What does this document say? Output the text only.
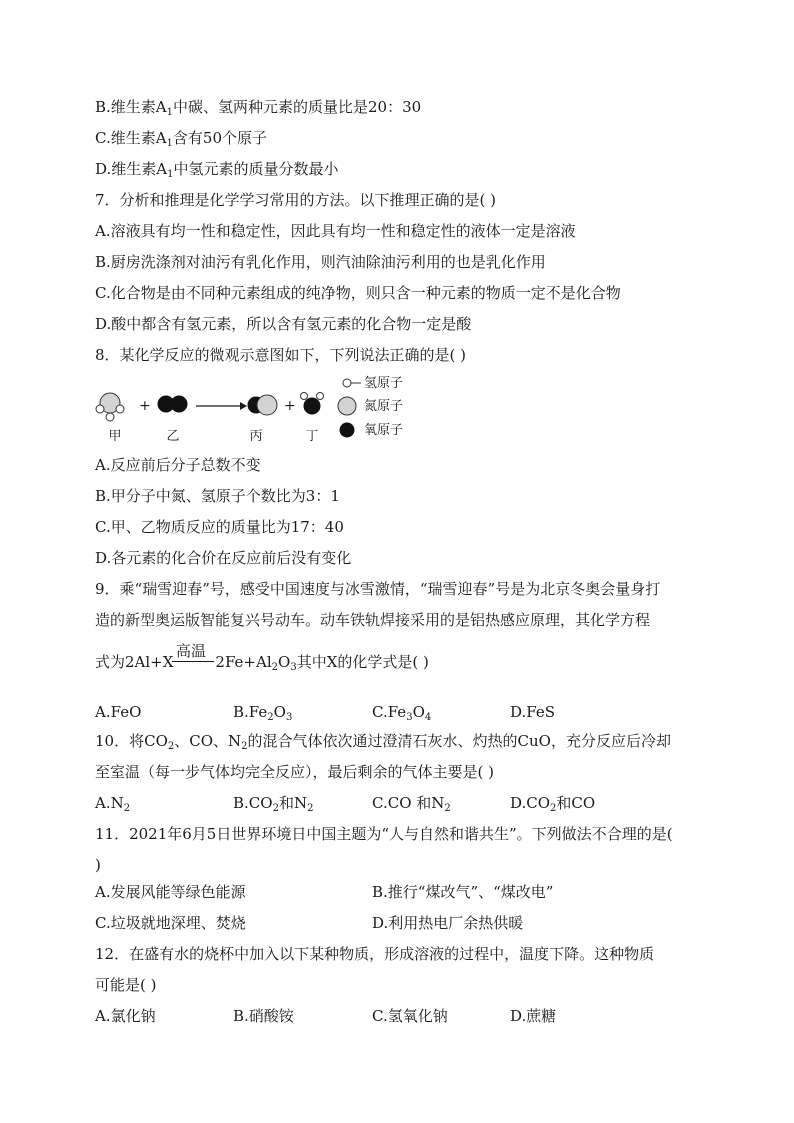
B.维生素$A_1$中碳、氢两种元素的质量比是20：30
C.维生素$A_1$含有50个原子
D.维生素$A_1$中氢元素的质量分数最小
7．分析和推理是化学学习常用的方法。以下推理正确的是( )
A.溶液具有均一性和稳定性，因此具有均一性和稳定性的液体一定是溶液
B.厨房洗涤剂对油污有乳化作用，则汽油除油污利用的也是乳化作用
C.化合物是由不同种元素组成的纯净物，则只含一种元素的物质一定不是化合物
D.酸中都含有氢元素，所以含有氢元素的化合物一定是酸
8．某化学反应的微观示意图如下，下列说法正确的是( )
+	+
甲	乙	丙	丁
氢原子
氮原子
氧原子
A.反应前后分子总数不变
B.甲分子中氮、氢原子个数比为3：1
C.甲、乙物质反应的质量比为17：40
D.各元素的化合价在反应前后没有变化
9．乘“瑞雪迎春”号，感受中国速度与冰雪激情，“瑞雪迎春”号是为北京冬奥会量身打
造的新型奥运版智能复兴号动车。动车铁轨焊接采用的是铝热感应原理，其化学方程
式为2Al+X	$2Fe+Al_2O_3$其中X的化学式是( )
高温
A.FeO	$B.Fe_2O_3$	$C.Fe_3O_4$	D.FeS
10．将$CO_2$、CO、$N_2$的混合气体依次通过澄清石灰水、灼热的CuO，充分反应后冷却
至室温（每一步气体均完全反应），最后剩余的气体主要是( )
$A.N_2$	$B.CO_2$和$N_2$	C.CO 和$N_2$	$D.CO_2$和CO
11．2021年6月5日世界环境日中国主题为“人与自然和谐共生”。下列做法不合理的是(
)
A.发展风能等绿色能源	B.推行“煤改气”、“煤改电”
C.垃圾就地深埋、焚烧	D.利用热电厂余热供暖
12．在盛有水的烧杯中加入以下某种物质，形成溶液的过程中，温度下降。这种物质
可能是( )
A.氯化钠	B.硝酸铵	C.氢氧化钠	D.蔗糖
